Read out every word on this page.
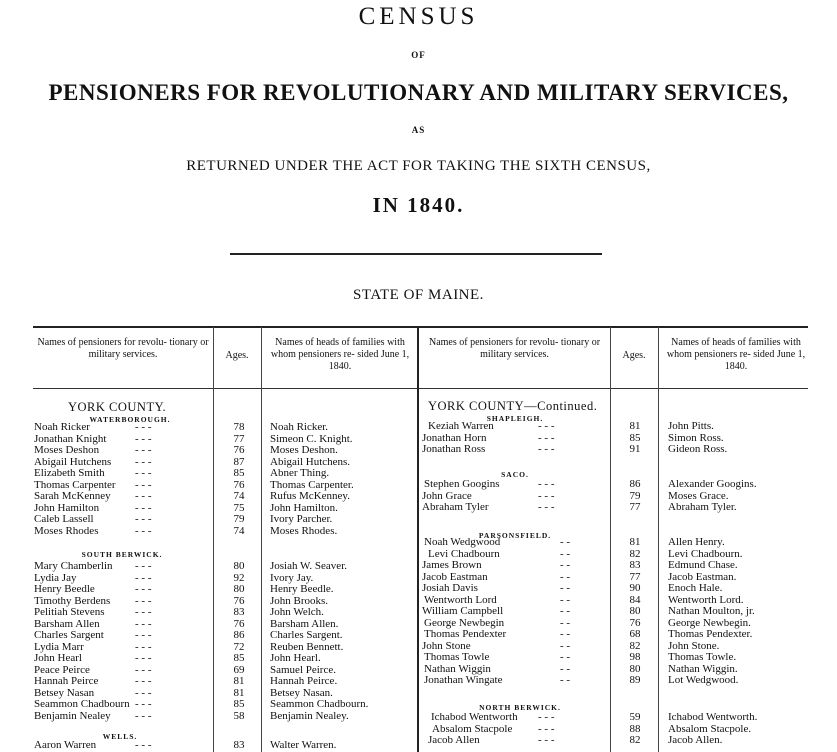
CENSUS
OF
PENSIONERS FOR REVOLUTIONARY AND MILITARY SERVICES,
AS
RETURNED UNDER THE ACT FOR TAKING THE SIXTH CENSUS,
IN 1840.
STATE OF MAINE.
Names of pensioners for revolu- tionary or military services.	Ages.
Names of heads of families with whom pensioners re- sided June 1, 1840.
Names of pensioners for revolu- tionary or military services.	Ages.
Names of heads of families with whom pensioners re- sided June 1, 1840.
YORK COUNTY.	YORK COUNTY—Continued.
WATERBOROUGH.
SOUTH BERWICK.
WELLS.
SHAPLEIGH.
SACO.
PARSONSFIELD.
NORTH BERWICK.
Noah Ricker	- - -	78	Noah Ricker.
Jonathan Knight	- - -	77	Simeon C. Knight.
Moses Deshon	- - -	76	Moses Deshon.
Abigail Hutchens - - -	87	Abigail Hutchens.
Elizabeth Smith	- - -	85	Abner Thing.
Thomas Carpenter - - -	76	Thomas Carpenter.
Sarah McKenney - - -	74	Rufus McKenney.
John Hamilton	- - -	75	John Hamilton.
Caleb Lassell	- - -	79	Ivory Parcher.
Moses Rhodes	- - -	74	Moses Rhodes.
Mary Chamberlin - - -	80	Josiah W. Seaver.
Lydia Jay	- - -	92	Ivory Jay.
Henry Beedle	- - -	80	Henry Beedle.
Timothy Berdens - - -	76	John Brooks.
Pelitiah Stevens	- - -	83	John Welch.
Barsham Allen	- - -	76	Barsham Allen.
Charles Sargent	- - -	86	Charles Sargent.
Lydia Marr	- - -	72	Reuben Bennett.
John Hearl	- - -	85	John Hearl.
Peace Peirce	- - -	69	Samuel Peirce.
Hannah Peirce	- - -	81	Hannah Peirce.
Betsey Nasan	- - -	81	Betsey Nasan.
Seammon Chadbourn - - -	85	Seammon Chadbourn.
Benjamin Nealey - - -	58	Benjamin Nealey.
Aaron Warren	- - -	83	Walter Warren.
Keziah Warren	- - -	81	John Pitts.
Jonathan Horn	- - -	85	Simon Ross.
Jonathan Ross	- - -	91	Gideon Ross.
Stephen Googins	- - -	86	Alexander Googins.
John Grace	- - -	79	Moses Grace.
Abraham Tyler	- - -	77	Abraham Tyler.
Noah Wedgwood	- -	81	Allen Henry.
Levi Chadbourn	- -	82	Levi Chadbourn.
James Brown	- -	83	Edmund Chase.
Jacob Eastman	- -	77	Jacob Eastman.
Josiah Davis	- -	90	Enoch Hale.
Wentworth Lord	- -	84	Wentworth Lord.
William Campbell	- -	80	Nathan Moulton, jr.
George Newbegin	- -	76	George Newbegin.
Thomas Pendexter	- -	68	Thomas Pendexter.
John Stone	- -	82	John Stone.
Thomas Towle	- -	98	Thomas Towle.
Nathan Wiggin	- -	80	Nathan Wiggin.
Jonathan Wingate	- -	89	Lot Wedgwood.
Ichabod Wentworth - - -	59	Ichabod Wentworth.
Absalom Stacpole - - -	88	Absalom Stacpole.
Jacob Allen	- - -	82	Jacob Allen.
